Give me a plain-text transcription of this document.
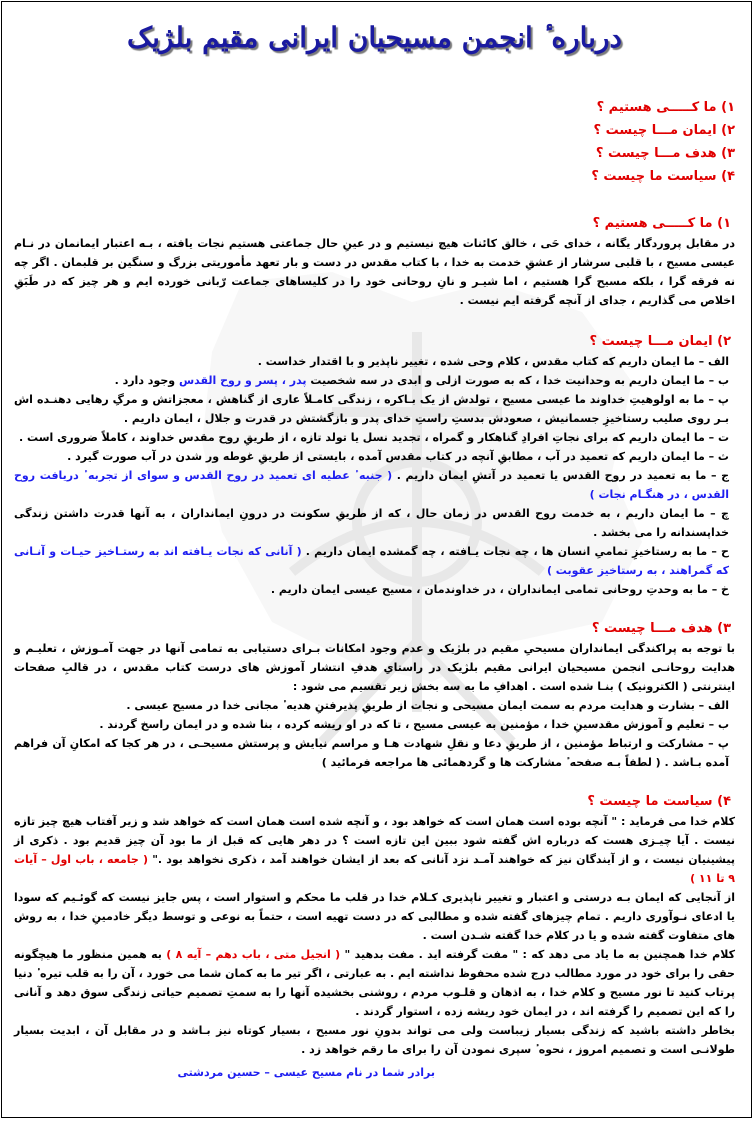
درباره ٔ انجمن مسیحیان ایرانی مقیم بلژیک
۱) ما کـــــی هستیم ؟
۲) ایمان مـــا چیست ؟
۳) هدف مـــا چیست ؟
۴) سیاست ما چیست ؟
۱) ما کـــــی هستیم ؟

در مقابل پروردگار یگانه ، خدای حَی ، خالق کائنات هیچ نیستیم و در عینِ حال جماعتی هستیم نجات یافته ، بـه اعتبار ایمانمان در نـام عیسی مسیح ، با قلبی سرشار از عشقِ خدمت به خدا ، با کتاب مقدس در دست و بار تعهد مأموریتی بزرگ و سنگین بر قلبمان . اگر چه نه فرقه گرا ، بلکه مسیح گرا هستیم ، اما شیـر و نانِ روحانی خود را در کلیساهای جماعت رّبانی خورده ایم و هر چیز که در طَبَقِ اخلاص می گذاریم ، جدای از آنچه گرفته ایم نیست .

۲) ایمان مـــا چیست ؟

الف – ما ایمان داریم که کتاب مقدس ، کلام وحی شده ، تغییر ناپذیر و با اقتدار خداست .

ب – ما ایمان داریم به وحدانیت خدا ، که به صورت ازلی و ابدی در سه شخصیت پدر ، پسر و روح القدس وجود دارد .

پ – ما به اولوهیتِ خداوند ما عیسی مسیح ، تولدش از یک بـاکره ، زندگی کامـلاً عاری از گناهش ، معجزاتش و مرگِ رهایی دهنـده اش بـر روی صلیب رستاخیزِ جسمانیش ، صعودش بدستِ راستِ خدای پدر و بازگشتش در قدرت و جلال ، ایمان داریم .

ت – ما ایمان داریم که برای نجاتِ افرادِ گناهکار و گمراه ، تجدید نسل یا تولد تازه ، از طریقِ روح مقدس خداوند ، کاملاً ضروری است .

ث – ما ایمان داریم که تعمید در آب ، مطابقِ آنچه در کتاب مقدس آمده ، بایستی از طریقِ غوطه ور شدن در آب صورت گیرد .

ج – ما به تعمید در روح القدس یا تعمید در آتشِ ایمان داریم . ( جنبه ٔ عطیه ای تعمید در روح القدس و سوای از تجربه ٔ دریافت روح القدس ، در هنگـام نجات )

چ – ما ایمان داریم ، به خدمت روح القدس در زمان حال ، که از طریقِ سکونت در درونِ ایمانداران ، به آنها قدرت داشتن زندگی خداپسندانه را می بخشد .

ح – ما به رستاخیزِ تمامیِ انسان ها ، چه نجات یـافته ، چه گمشده ایمان داریم . ( آنانی که نجات یـافته اند به رستـاخیز حیـات و آنـانی که گمراهند ، به رستاخیز عقوبت )

خ – ما به وحدتِ روحانی تمامی ایمانداران ، در خداوندمان ، مسیح عیسی ایمان داریم .

۳) هدف مـــا چیست ؟

با توجه به پراکندگی ایمانداران مسیحیِ مقیم در بلژیک و عدم وجود امکانات بـرای دستیابی به تمامی آنها در جهت آمـوزش ، تعلیـم و هدایت روحانـی انجمن مسیحیان ایرانی مقیم بلژیک در راستایِ هدفِ انتشار آموزش های درست کتاب مقدس ، در قالبِ صفحات اینترنتی ( الکترونیک ) بنـا شده است . اهدافِ ما به سه بخش زیر تقسیم می شود :

الف – بشارت و هدایت مردم به سمت ایمان مسیحی و نجات از طریقِ پذیرفتنِ هدیه ٔ مجانی خدا در مسیح عیسی .

ب – تعلیم و آموزش مقدسینِ خدا ، مؤمنین به عیسی مسیح ، تا که در او ریشه کرده ، بنا شده و در ایمان راسخ گردند .

پ – مشارکت و ارتباط مؤمنین ، از طریقِ دعا و نقلِ شهادت هـا و مراسم نیایش و پرستش مسیحـی ، در هر کجا که امکانِ آن فراهم آمده بـاشد . ( لطفاً بـه صفحه ٔ مشارکت ها و گردهمائی ها مراجعه فرمائید )

۴) سیاست ما چیست ؟

کلام خدا می فرماید : " آنچه بوده است همان است که خواهد بود ، و آنچه شده است همان است که خواهد شد و زیر آفتاب هیچ چیز تازه نیست . آیا چیـزی هست که درباره اش گفته شود ببین این تازه است ؟ در دهر هایی که قبل از ما بود آن چیز قدیم بود . ذکری از پیشینیان نیست ، و از آیندگان نیز که خواهند آمـد نزد آنانی که بعد از ایشان خواهند آمد ، ذکری نخواهد بود ." ( جامعه ، باب اول – آیات ۹ تا ۱۱ )

از آنجایی که ایمان بـه درستی و اعتبار و تغییر ناپذیری کـلام خدا در قلب ما محکم و استوار است ، پس جایز نیست که گوئـیم که سودا یا ادعای نـوآوری داریم . تمام چیزهای گفته شده و مطالبی که در دست تهیه است ، حتماً به نوعی و توسط دیگر خادمینِ خدا ، به روش های متفاوت گفته شده و یا در کلام خدا گفته شـدن است .

کلام خدا همچنین به ما یاد می دهد که : " مفت گرفته اید . مفت بدهید " ( انجیل متی ، باب دهم – آیه ۸ ) به همین منظور ما هیچگونه حقی را برای خود در مورد مطالب درج شده محفوظ نداشته ایم . به عبارتی ، اگر تیر ما به کمان شما می خورد ، آن را به قلب تیره ٔ دنیا پرتاب کنید تا نور مسیح و کلام خدا ، به اذهان و قلـوب مردم ، روشنی بخشیده آنها را به سمتِ تصمیم حیاتی زندگی سوق دهد و آنانی را که این تصمیم را گرفته اند ، در ایمان خود ریشه زده ، استوار گردند .

بخاطر داشته باشید که زندگی بسیار زیباست ولی می تواند بدونِ نور مسیح ، بسیار کوتاه نیز بـاشد و در مقابل آن ، ابدیت بسیار طولانـی است و تصمیم امروز ، نحوه ٔ سپری نمودن آن را برای ما رقم خواهد زد .

برادر شما در نام مسیح عیسی – حسین مردشتی
